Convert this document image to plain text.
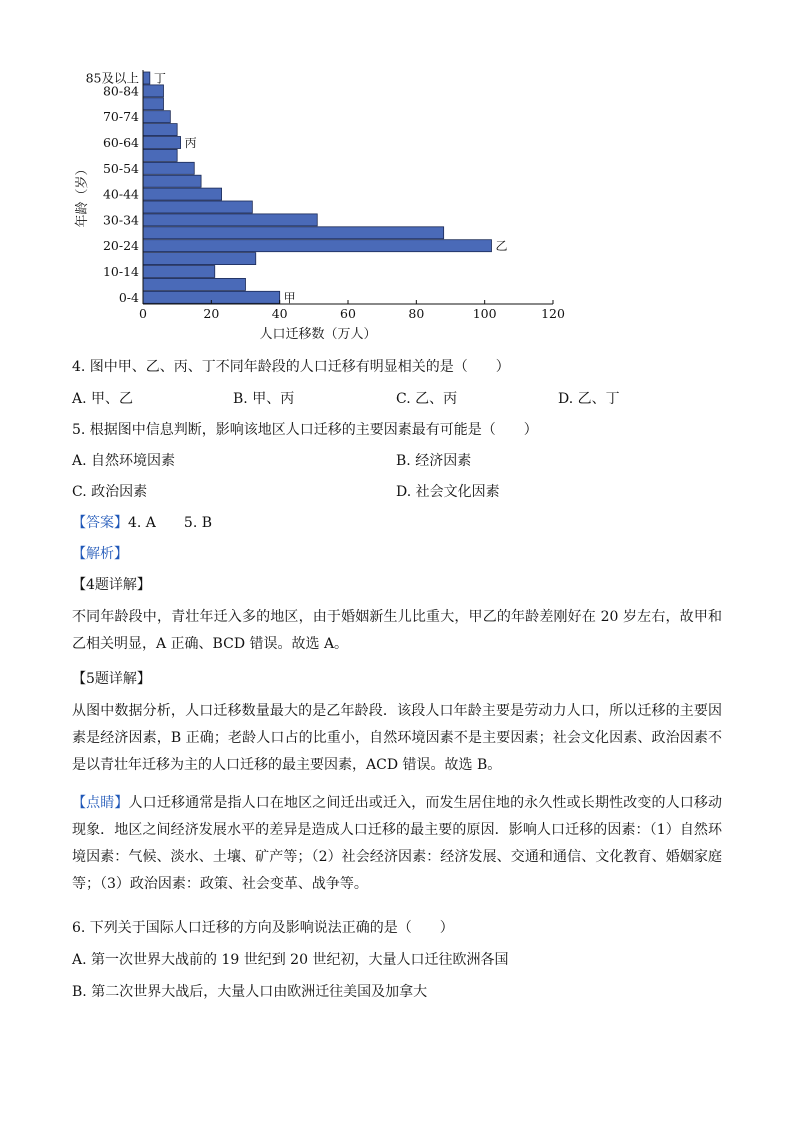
年龄（岁）
人口迁移数（万人）
0-4
10-14
20-24
30-34
40-44
50-54
60-64
70-74
80-84
85及以上
0	20	40	60	80	100	120
甲
乙
丙
丁
4. 图中甲、乙、丙、丁不同年龄段的人口迁移有明显相关的是（　　）
A. 甲、乙	B. 甲、丙	C. 乙、丙	D. 乙、丁
5. 根据图中信息判断，影响该地区人口迁移的主要因素最有可能是（　　）
A. 自然环境因素	B. 经济因素
C. 政治因素	D. 社会文化因素
【答案】4. A　　5. B
【解析】
【4题详解】
不同年龄段中，青壮年迁入多的地区，由于婚姻新生儿比重大，甲乙的年龄差刚好在 20 岁左右，故甲和乙相关明显，A 正确、BCD 错误。故选 A。
【5题详解】
从图中数据分析，人口迁移数量最大的是乙年龄段．该段人口年龄主要是劳动力人口，所以迁移的主要因素是经济因素，B 正确；老龄人口占的比重小，自然环境因素不是主要因素；社会文化因素、政治因素不是以青壮年迁移为主的人口迁移的最主要因素，ACD 错误。故选 B。
【点睛】人口迁移通常是指人口在地区之间迁出或迁入，而发生居住地的永久性或长期性改变的人口移动现象．地区之间经济发展水平的差异是造成人口迁移的最主要的原因．影响人口迁移的因素：（1）自然环境因素：气候、淡水、土壤、矿产等；（2）社会经济因素：经济发展、交通和通信、文化教育、婚姻家庭等；（3）政治因素：政策、社会变革、战争等。
6. 下列关于国际人口迁移的方向及影响说法正确的是（　　）
A. 第一次世界大战前的 19 世纪到 20 世纪初，大量人口迁往欧洲各国
B. 第二次世界大战后，大量人口由欧洲迁往美国及加拿大
